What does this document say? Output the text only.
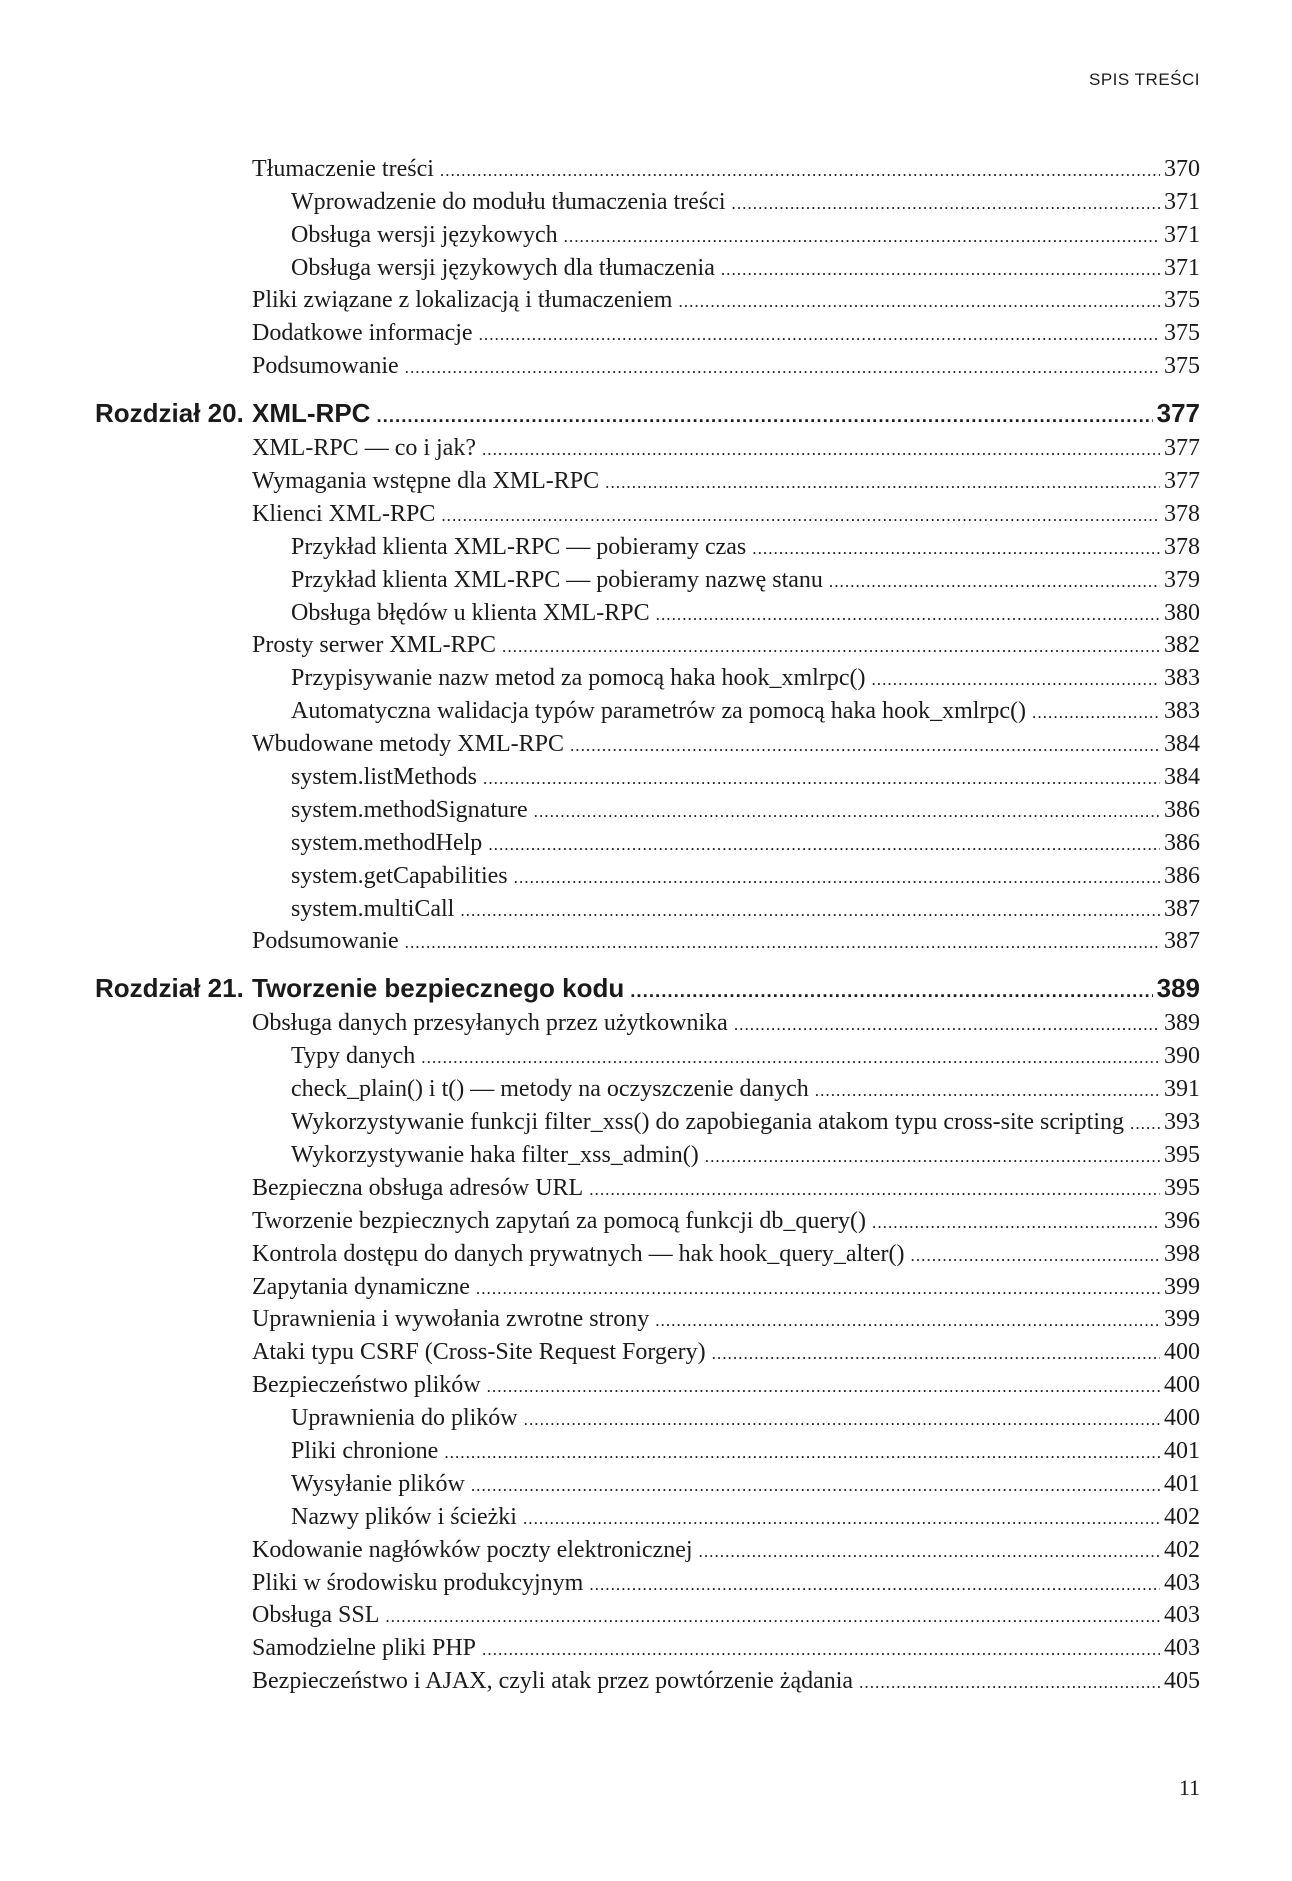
SPIS TREŚCI
Tłumaczenie treści .....	370
Wprowadzenie do modułu tłumaczenia treści .....	371
Obsługa wersji językowych .....	371
Obsługa wersji językowych dla tłumaczenia .....	371
Pliki związane z lokalizacją i tłumaczeniem .....	375
Dodatkowe informacje .....	375
Podsumowanie .....	375
Rozdział 20. XML-RPC .....	377
XML-RPC — co i jak? .....	377
Wymagania wstępne dla XML-RPC .....	377
Klienci XML-RPC .....	378
Przykład klienta XML-RPC — pobieramy czas .....	378
Przykład klienta XML-RPC — pobieramy nazwę stanu .....	379
Obsługa błędów u klienta XML-RPC .....	380
Prosty serwer XML-RPC .....	382
Przypisywanie nazw metod za pomocą haka hook_xmlrpc() .....	383
Automatyczna walidacja typów parametrów za pomocą haka hook_xmlrpc() .....	383
Wbudowane metody XML-RPC .....	384
system.listMethods .....	384
system.methodSignature .....	386
system.methodHelp .....	386
system.getCapabilities .....	386
system.multiCall .....	387
Podsumowanie .....	387
Rozdział 21. Tworzenie bezpiecznego kodu .....	389
Obsługa danych przesyłanych przez użytkownika .....	389
Typy danych .....	390
check_plain() i t() — metody na oczyszczenie danych .....	391
Wykorzystywanie funkcji filter_xss() do zapobiegania atakom typu cross-site scripting ..... 393
Wykorzystywanie haka filter_xss_admin() .....	395
Bezpieczna obsługa adresów URL .....	395
Tworzenie bezpiecznych zapytań za pomocą funkcji db_query() .....	396
Kontrola dostępu do danych prywatnych — hak hook_query_alter() .....	398
Zapytania dynamiczne .....	399
Uprawnienia i wywołania zwrotne strony .....	399
Ataki typu CSRF (Cross-Site Request Forgery) .....	400
Bezpieczeństwo plików .....	400
Uprawnienia do plików .....	400
Pliki chronione .....	401
Wysyłanie plików .....	401
Nazwy plików i ścieżki .....	402
Kodowanie nagłówków poczty elektronicznej .....	402
Pliki w środowisku produkcyjnym .....	403
Obsługa SSL .....	403
Samodzielne pliki PHP .....	403
Bezpieczeństwo i AJAX, czyli atak przez powtórzenie żądania .....	405
11
